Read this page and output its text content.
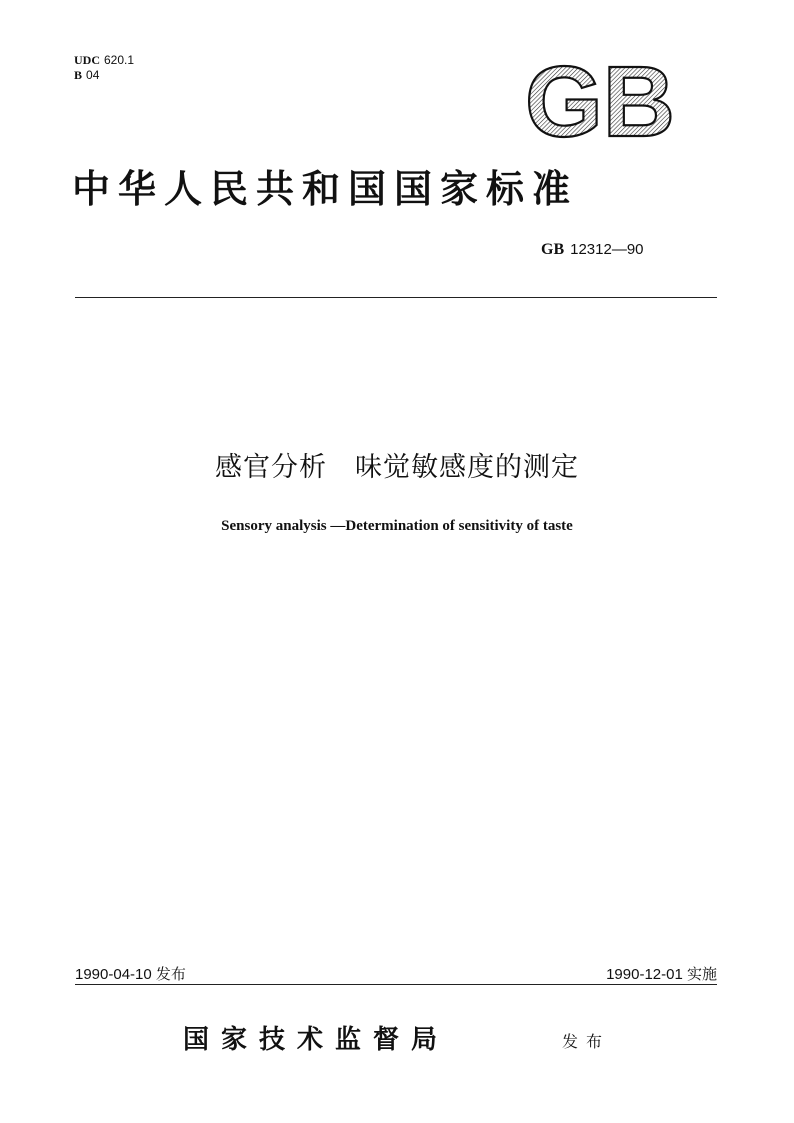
UDC 620.1
B 04	GB
中华人民共和国国家标准
GB 12312—90
感官分析　味觉敏感度的测定
Sensory analysis —Determination of sensitivity of taste
1990-04-10 发布	1990-12-01 实施
国家技术监督局	发布
